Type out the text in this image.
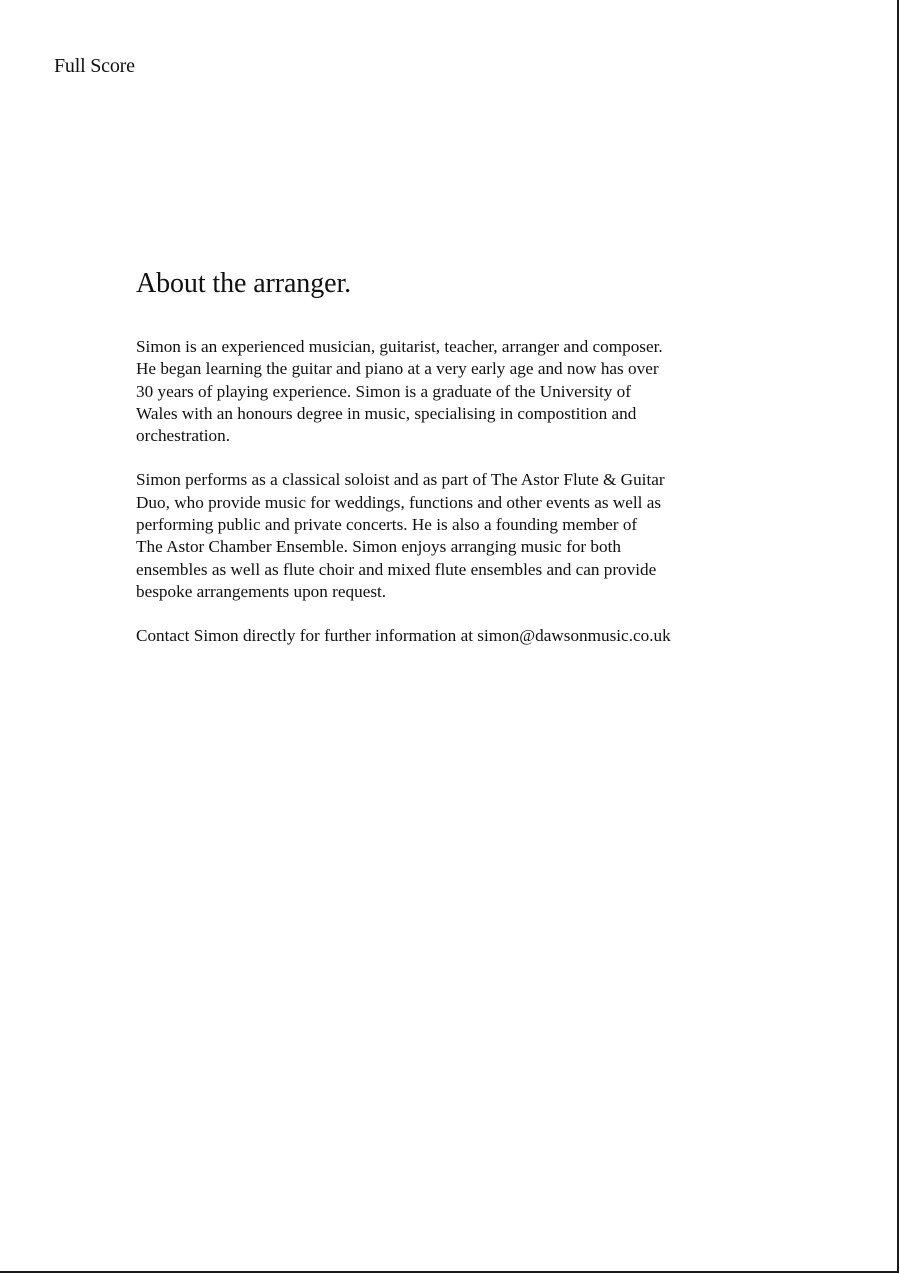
Full Score
About the arranger.

Simon is an experienced musician, guitarist, teacher, arranger and composer.
He began learning the guitar and piano at a very early age and now has over
30 years of playing experience. Simon is a graduate of the University of
Wales with an honours degree in music, specialising in compostition and
orchestration.

Simon performs as a classical soloist and as part of The Astor Flute & Guitar
Duo, who provide music for weddings, functions and other events as well as
performing public and private concerts. He is also a founding member of
The Astor Chamber Ensemble. Simon enjoys arranging music for both
ensembles as well as flute choir and mixed flute ensembles and can provide
bespoke arrangements upon request.

Contact Simon directly for further information at simon@dawsonmusic.co.uk
